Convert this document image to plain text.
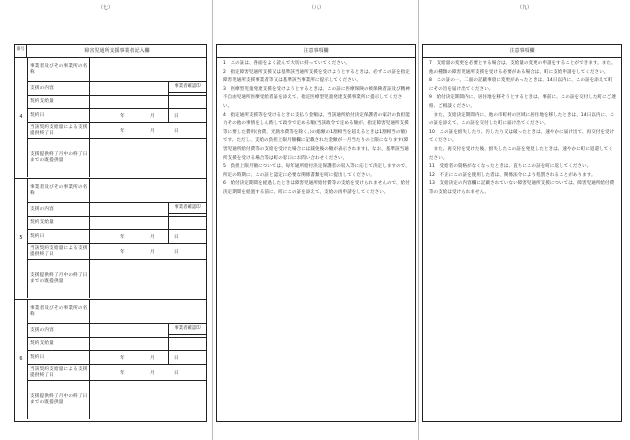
（七）
番号	障害児通所支援事業者記入欄
4
事業者及びその事業所の名称
支援の内容	事業者確認印
契約支給量
契約日	年	月	日
当該契約支給量による支援提供終了日	年	月	日
支援提供終了月中の終了日までの既提供量
5
事業者及びその事業所の名称
支援の内容	事業者確認印
契約支給量
契約日	年	月	日
当該契約支給量による支援提供終了日	年	月	日
支援提供終了月中の終了日までの既提供量
6
事業者及びその事業所の名称
支援の内容	事業者確認印
契約支給量
契約日	年	月	日
当該契約支給量による支援提供終了日	年	月	日
支援提供終了月中の終了日までの既提供量
（八）
注意事項欄

1　この証は、各面をよく読んで大切に持っていてください。

2　指定障害児通所支援又は基準該当通所支援を受けようとするときは、必ずこの証を指定障害児通所支援事業者等又は基準該当事業所に提示してください。

3　医療型児童発達支援を受けようとするときは、この証に医療保険の被保険者証及び精神不自由児通所医療受給者証を添えて、指定医療型児童発達支援事業所に提示してください。

4　指定通所支援等を受けるときに支払う金額は、当該通所給付決定保護者の家計の負担能力その他の事情をしん酌して政令で定める額(当該政令で定める額が、指定障害児通所支援等に要した費用(食費、光熱水費等を除く。)の総額の1割相当を超えるときは1割相当の額)です。ただし、支給の負担上限月額欄に記載された金額が一月当たりの上限になります(障害児通所給付費等の支給を受けた場合には減免後の額が表示されます)。なお、基準該当通所支援を受ける場合等は町の窓口にお問い合わせください。

5　負担上限月額については、毎年通所給付決定保護者の収入等に応じて決定しますので、所定の時期に、この証と認定に必要な関係書類を町に提出してください。

6　給付決定期間を経過したときは障害児通所給付費等の支給を受けられませんので、給付決定期間を経過する前に、町にこの証を添えて、支給の再申請をしてください。

（九）
注意事項欄

7　支給量の変更を必要とする場合は、支給量の変更の申請をすることができます。また、他の種類の障害児通所支援を受ける必要がある場合は、町に支給申請をしてください。

8　この証の一、二面の記載事項に変更があったときは、14日以内に、この証を添えて町にその旨を届け出てください。

9　給付決定期間内に、居住地を移そうとするときは、事前に、この証を交付した町にご連絡、ご相談ください。

　また、支給決定期間内に、他の市町村の区域に居住地を移したときは、14日以内に、この証を添えて、この証を交付した町に届け出てください。

10　この証を紛失したり、汚したり又は破ったときは、速やかに届け出て、再交付を受けてください。

　また、再交付を受けた後、紛失したこの証を発見したときは、速やかに町に返還してください。

11　受給者の資格がなくなったときは、直ちにこの証を町に返してください。

12　不正にこの証を使用した者は、関係法令により処罰されることがあります。

13　支給決定の内容欄に記載されていない障害児通所支援については、障害児通所給付費等の支給は受けられません。
